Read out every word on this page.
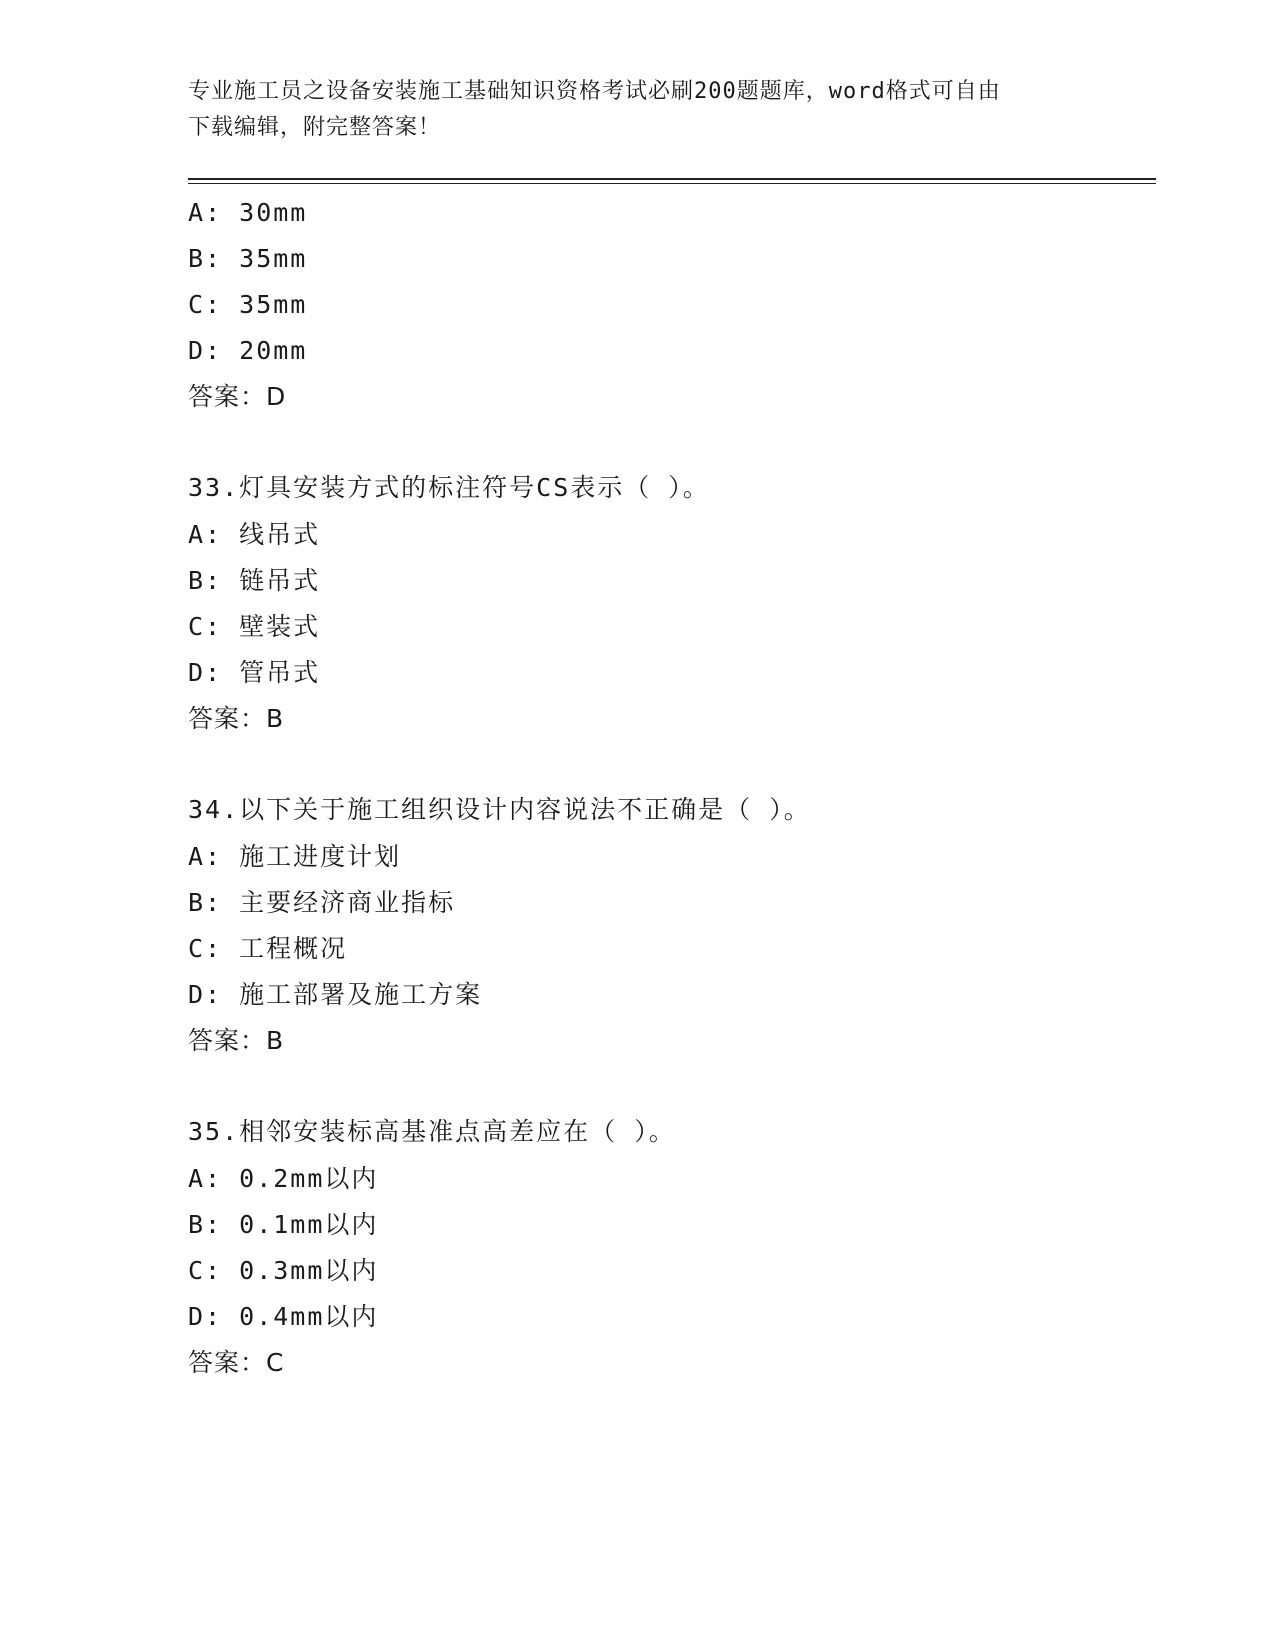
专业施工员之设备安装施工基础知识资格考试必刷200题题库，word格式可自由
下载编辑，附完整答案！
A: 30mm
B: 35mm
C: 35mm
D: 20mm
答案：D
33.灯具安装方式的标注符号CS表示（ ）。
A: 线吊式
B: 链吊式
C: 壁装式
D: 管吊式
答案：B
34.以下关于施工组织设计内容说法不正确是（ ）。
A: 施工进度计划
B: 主要经济商业指标
C: 工程概况
D: 施工部署及施工方案
答案：B
35.相邻安装标高基准点高差应在（ ）。
A: 0.2mm以内
B: 0.1mm以内
C: 0.3mm以内
D: 0.4mm以内
答案：C
